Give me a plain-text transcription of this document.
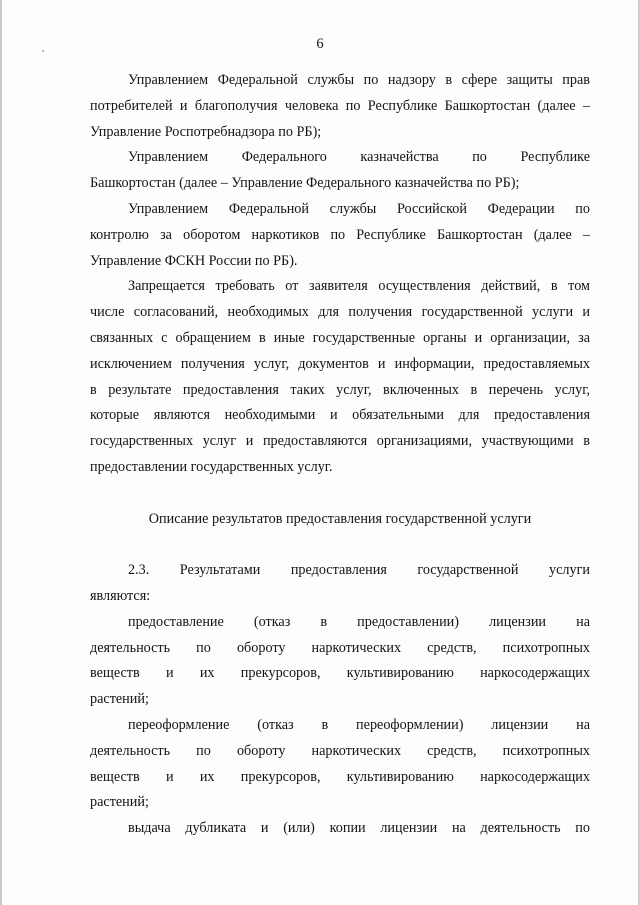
6
Управлением Федеральной службы по надзору в сфере защиты прав
потребителей и благополучия человека по Республике Башкортостан (далее –
Управление Роспотребнадзора по РБ);
Управлением Федерального казначейства по Республике
Башкортостан (далее – Управление Федерального казначейства по РБ);
Управлением Федеральной службы Российской Федерации по
контролю за оборотом наркотиков по Республике Башкортостан (далее –
Управление ФСКН России по РБ).
Запрещается требовать от заявителя осуществления действий, в том
числе согласований, необходимых для получения государственной услуги и
связанных с обращением в иные государственные органы и организации, за
исключением получения услуг, документов и информации, предоставляемых
в результате предоставления таких услуг, включенных в перечень услуг,
которые являются необходимыми и обязательными для предоставления
государственных услуг и предоставляются организациями, участвующими в
предоставлении государственных услуг.
Описание результатов предоставления государственной услуги
2.3. Результатами предоставления государственной услуги
являются:
предоставление (отказ в предоставлении) лицензии на
деятельность по обороту наркотических средств, психотропных
веществ и их прекурсоров, культивированию наркосодержащих
растений;
переоформление (отказ в переоформлении) лицензии на
деятельность по обороту наркотических средств, психотропных
веществ и их прекурсоров, культивированию наркосодержащих
растений;
выдача дубликата и (или) копии лицензии на деятельность по
